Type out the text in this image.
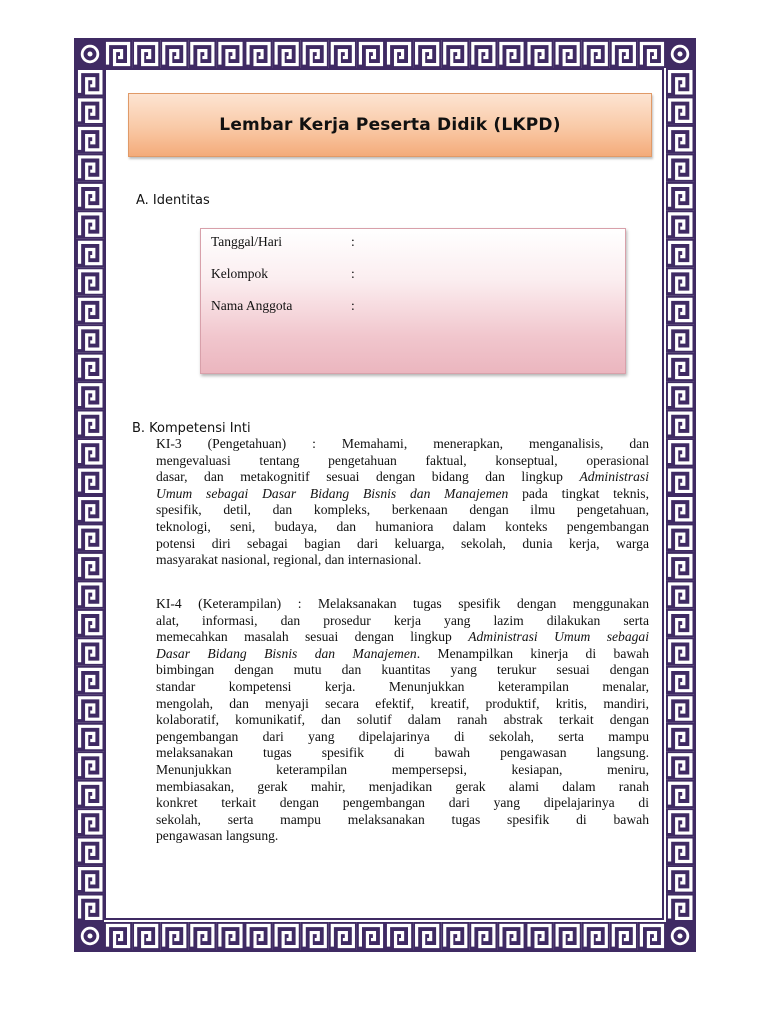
Lembar Kerja Peserta Didik (LKPD)
A. Identitas
Tanggal/Hari	:
Kelompok	:
Nama Anggota	:
B. Kompetensi Inti
KI-3 (Pengetahuan) : Memahami, menerapkan, menganalisis, dan
mengevaluasi tentang pengetahuan faktual, konseptual, operasional
dasar, dan metakognitif sesuai dengan bidang dan lingkup Administrasi
Umum sebagai Dasar Bidang Bisnis dan Manajemen pada tingkat teknis,
spesifik, detil, dan kompleks, berkenaan dengan ilmu pengetahuan,
teknologi, seni, budaya, dan humaniora dalam konteks pengembangan
potensi diri sebagai bagian dari keluarga, sekolah, dunia kerja, warga
masyarakat nasional, regional, dan internasional.
KI-4 (Keterampilan) : Melaksanakan tugas spesifik dengan menggunakan
alat, informasi, dan prosedur kerja yang lazim dilakukan serta
memecahkan masalah sesuai dengan lingkup Administrasi Umum sebagai
Dasar Bidang Bisnis dan Manajemen. Menampilkan kinerja di bawah
bimbingan dengan mutu dan kuantitas yang terukur sesuai dengan
standar kompetensi kerja. Menunjukkan keterampilan menalar,
mengolah, dan menyaji secara efektif, kreatif, produktif, kritis, mandiri,
kolaboratif, komunikatif, dan solutif dalam ranah abstrak terkait dengan
pengembangan dari yang dipelajarinya di sekolah, serta mampu
melaksanakan tugas spesifik di bawah pengawasan langsung.
Menunjukkan keterampilan mempersepsi, kesiapan, meniru,
membiasakan, gerak mahir, menjadikan gerak alami dalam ranah
konkret terkait dengan pengembangan dari yang dipelajarinya di
sekolah, serta mampu melaksanakan tugas spesifik di bawah
pengawasan langsung.
